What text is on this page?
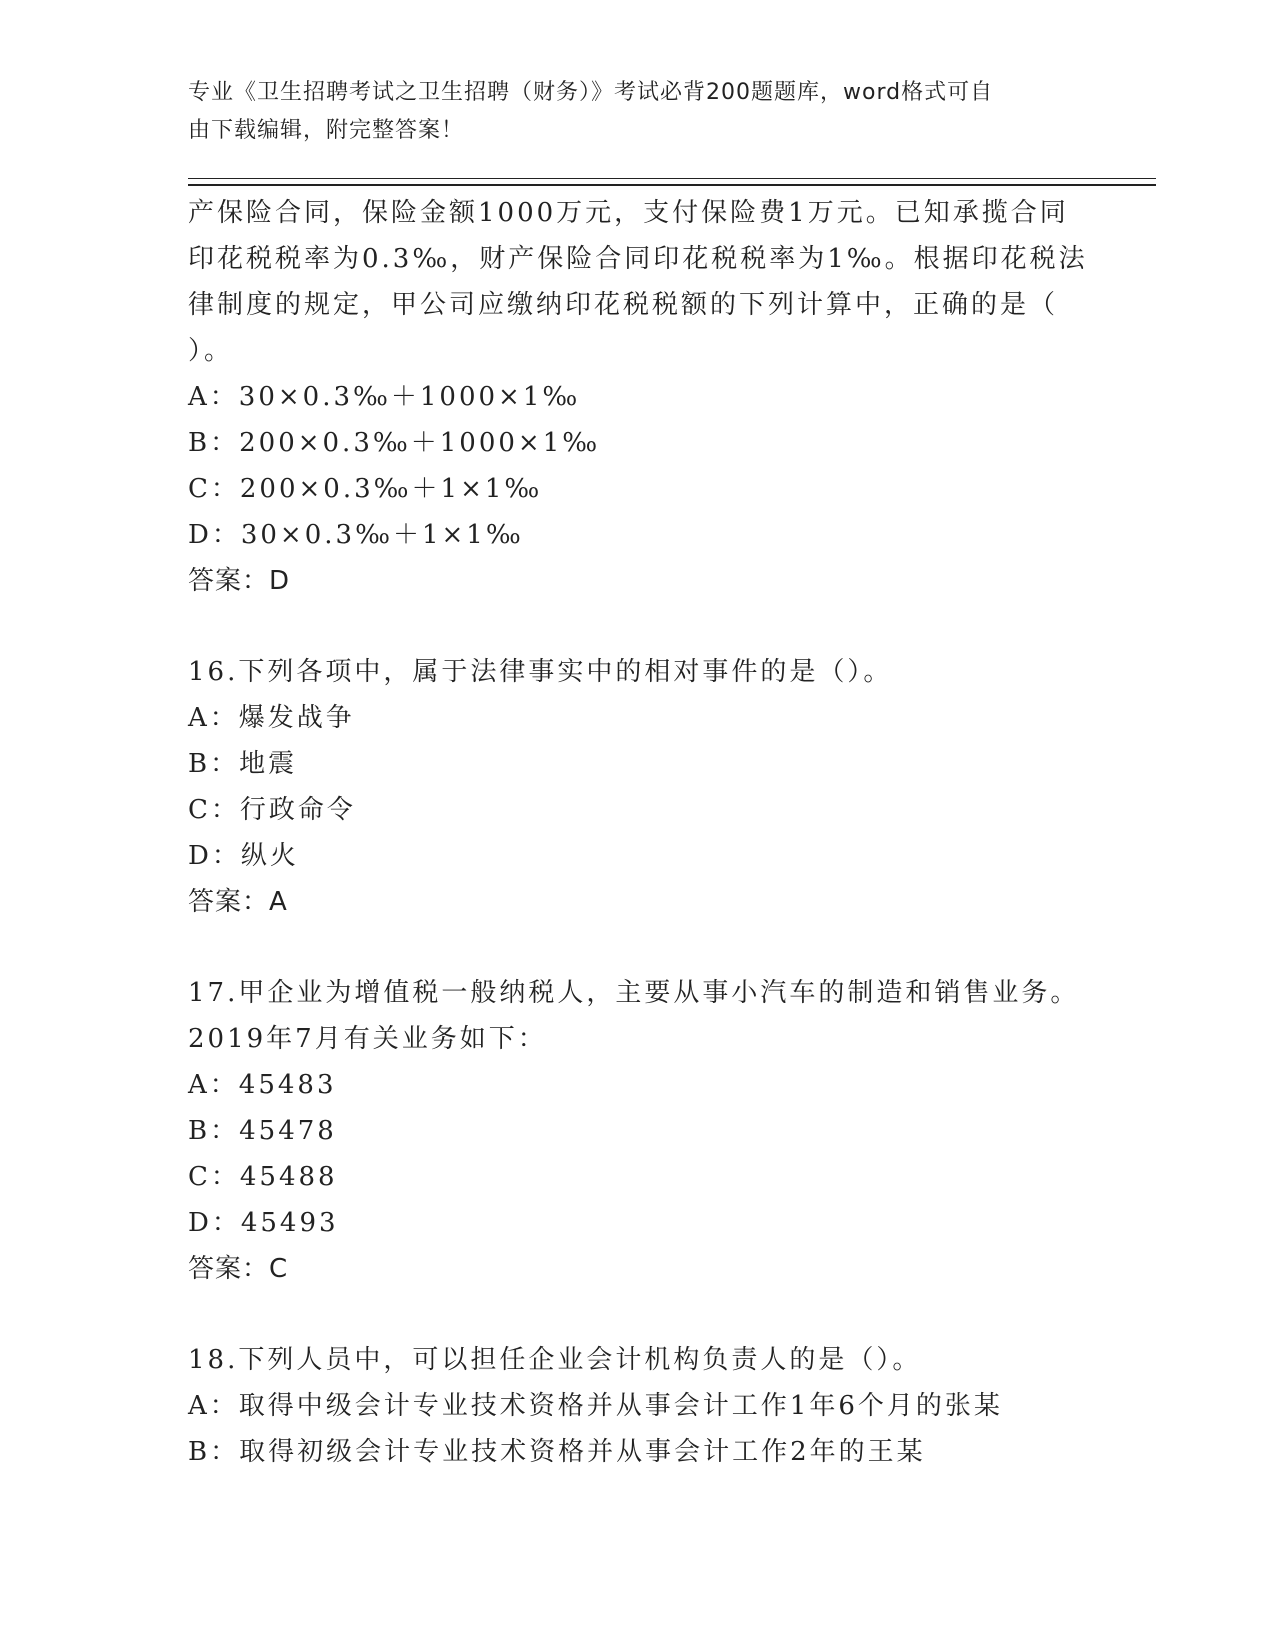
专业《卫生招聘考试之卫生招聘（财务）》考试必背200题题库，word格式可自
由下载编辑，附完整答案！
产保险合同，保险金额1000万元，支付保险费1万元。已知承揽合同
印花税税率为0.3‰，财产保险合同印花税税率为1‰。根据印花税法
律制度的规定，甲公司应缴纳印花税税额的下列计算中，正确的是（
）。
A：30×0.3‰＋1000×1‰
B：200×0.3‰＋1000×1‰
C：200×0.3‰＋1×1‰
D：30×0.3‰＋1×1‰
答案：D
16.下列各项中，属于法律事实中的相对事件的是（）。
A：爆发战争
B：地震
C：行政命令
D：纵火
答案：A
17.甲企业为增值税一般纳税人，主要从事小汽车的制造和销售业务。
2019年7月有关业务如下：
A：45483
B：45478
C：45488
D：45493
答案：C
18.下列人员中，可以担任企业会计机构负责人的是（）。
A：取得中级会计专业技术资格并从事会计工作1年6个月的张某
B：取得初级会计专业技术资格并从事会计工作2年的王某
